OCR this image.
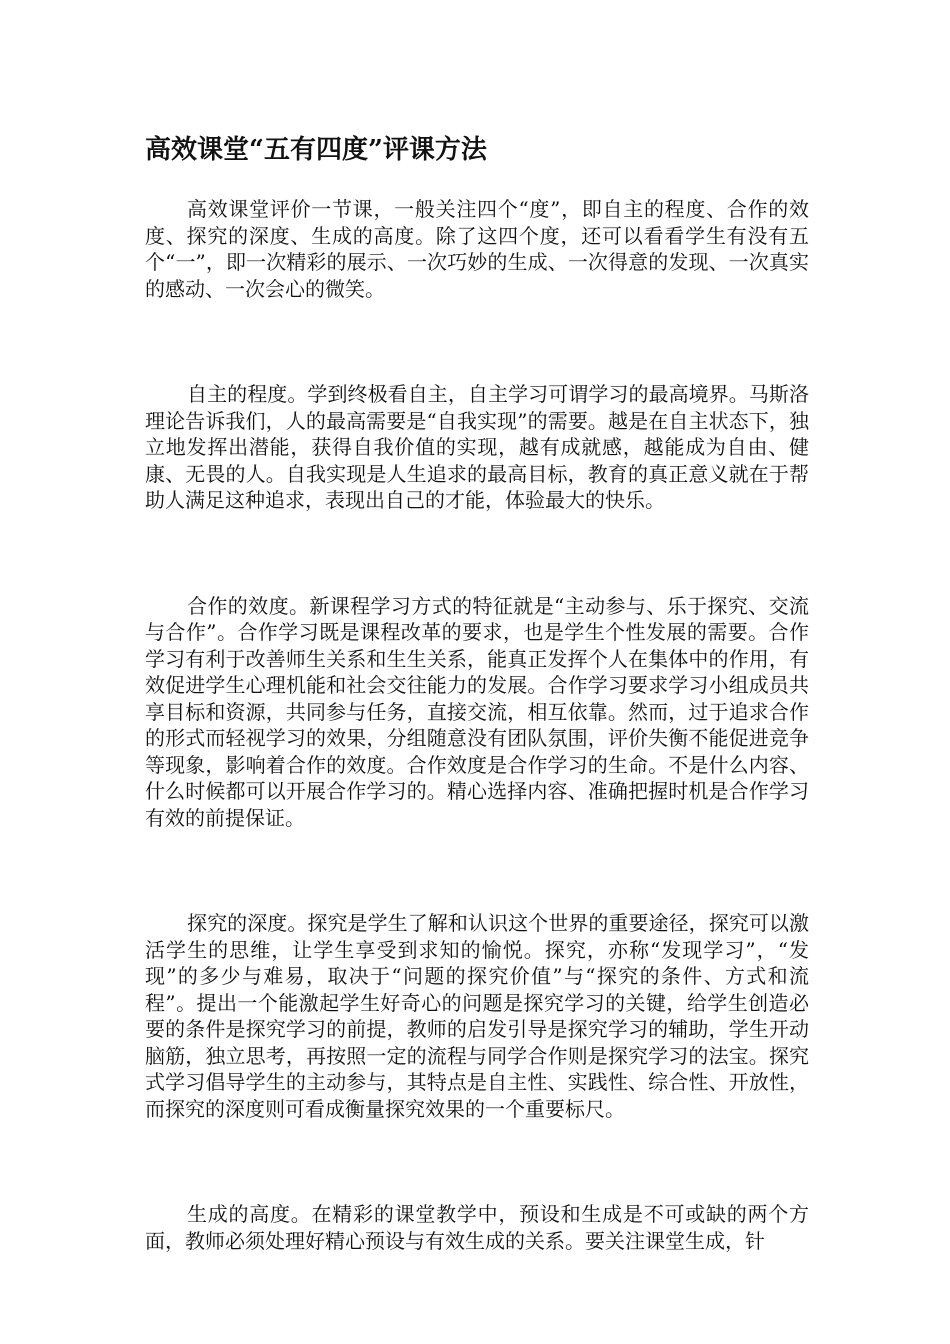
高效课堂“五有四度”评课方法

高效课堂评价一节课，一般关注四个“度”，即自主的程度、合作的效度、探究的深度、生成的高度。除了这四个度，还可以看看学生有没有五个“一”，即一次精彩的展示、一次巧妙的生成、一次得意的发现、一次真实的感动、一次会心的微笑。

自主的程度。学到终极看自主，自主学习可谓学习的最高境界。马斯洛理论告诉我们，人的最高需要是“自我实现”的需要。越是在自主状态下，独立地发挥出潜能，获得自我价值的实现，越有成就感，越能成为自由、健康、无畏的人。自我实现是人生追求的最高目标，教育的真正意义就在于帮助人满足这种追求，表现出自己的才能，体验最大的快乐。

合作的效度。新课程学习方式的特征就是“主动参与、乐于探究、交流与合作”。合作学习既是课程改革的要求，也是学生个性发展的需要。合作学习有利于改善师生关系和生生关系，能真正发挥个人在集体中的作用，有效促进学生心理机能和社会交往能力的发展。合作学习要求学习小组成员共享目标和资源，共同参与任务，直接交流，相互依靠。然而，过于追求合作的形式而轻视学习的效果，分组随意没有团队氛围，评价失衡不能促进竞争等现象，影响着合作的效度。合作效度是合作学习的生命。不是什么内容、什么时候都可以开展合作学习的。精心选择内容、准确把握时机是合作学习有效的前提保证。

探究的深度。探究是学生了解和认识这个世界的重要途径，探究可以激活学生的思维，让学生享受到求知的愉悦。探究，亦称“发现学习”，“发现”的多少与难易，取决于“问题的探究价值”与“探究的条件、方式和流程”。提出一个能激起学生好奇心的问题是探究学习的关键，给学生创造必要的条件是探究学习的前提，教师的启发引导是探究学习的辅助，学生开动脑筋，独立思考，再按照一定的流程与同学合作则是探究学习的法宝。探究式学习倡导学生的主动参与，其特点是自主性、实践性、综合性、开放性，而探究的深度则可看成衡量探究效果的一个重要标尺。

生成的高度。在精彩的课堂教学中，预设和生成是不可或缺的两个方面，教师必须处理好精心预设与有效生成的关系。要关注课堂生成，针
